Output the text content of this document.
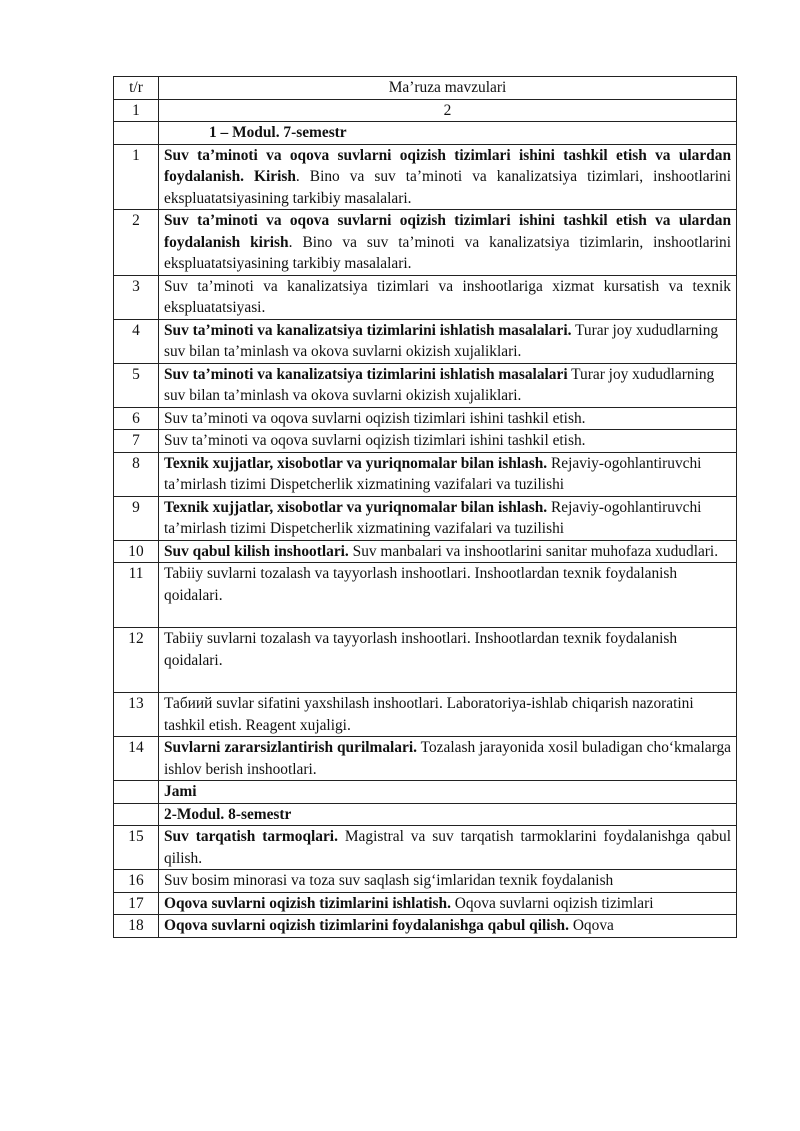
t/r	Ma’ruza mavzulari
1	2
	1 – Modul. 7-semestr
1	Suv ta’minoti va oqova suvlarni oqizish tizimlari ishini tashkil etish va ulardan foydalanish. Kirish. Bino va suv ta’minoti va kanalizatsiya tizimlari, inshootlarini ekspluatatsiyasining tarkibiy masalalari.
2	Suv ta’minoti va oqova suvlarni oqizish tizimlari ishini tashkil etish va ulardan foydalanish kirish. Bino va suv ta’minoti va kanalizatsiya tizimlarin, inshootlarini ekspluatatsiyasining tarkibiy masalalari.
3	Suv ta’minoti va kanalizatsiya tizimlari va inshootlariga xizmat kursatish va texnik ekspluatatsiyasi.
4	Suv ta’minoti va kanalizatsiya tizimlarini ishlatish masalalari. Turar joy xududlarning suv bilan ta’minlash va okova suvlarni okizish xujaliklari.
5	Suv ta’minoti va kanalizatsiya tizimlarini ishlatish masalalari Turar joy xududlarning suv bilan ta’minlash va okova suvlarni okizish xujaliklari.
6	Suv ta’minoti va oqova suvlarni oqizish tizimlari ishini tashkil etish.
7	Suv ta’minoti va oqova suvlarni oqizish tizimlari ishini tashkil etish.
8	Texnik xujjatlar, xisobotlar va yuriqnomalar bilan ishlash. Rejaviy-ogohlantiruvchi ta’mirlash tizimi Dispetcherlik xizmatining vazifalari va tuzilishi
9	Texnik xujjatlar, xisobotlar va yuriqnomalar bilan ishlash. Rejaviy-ogohlantiruvchi ta’mirlash tizimi Dispetcherlik xizmatining vazifalari va tuzilishi
10	Suv qabul kilish inshootlari. Suv manbalari va inshootlarini sanitar muhofaza xududlari.
11	Tabiiy suvlarni tozalash va tayyorlash inshootlari. Inshootlardan texnik foydalanish qoidalari.
12	Tabiiy suvlarni tozalash va tayyorlash inshootlari. Inshootlardan texnik foydalanish qoidalari.
13	Табиий suvlar sifatini yaxshilash inshootlari. Laboratoriya-ishlab chiqarish nazoratini tashkil etish. Reagent xujaligi.
14	Suvlarni zararsizlantirish qurilmalari. Tozalash jarayonida xosil buladigan cho‘kmalarga ishlov berish inshootlari.
	Jami
	2-Modul. 8-semestr
15	Suv tarqatish tarmoqlari. Magistral va suv tarqatish tarmoklarini foydalanishga qabul qilish.
16	Suv bosim minorasi va toza suv saqlash sig‘imlaridan texnik foydalanish
17	Oqova suvlarni oqizish tizimlarini ishlatish. Oqova suvlarni oqizish tizimlari
18	Oqova suvlarni oqizish tizimlarini foydalanishga qabul qilish. Oqova
